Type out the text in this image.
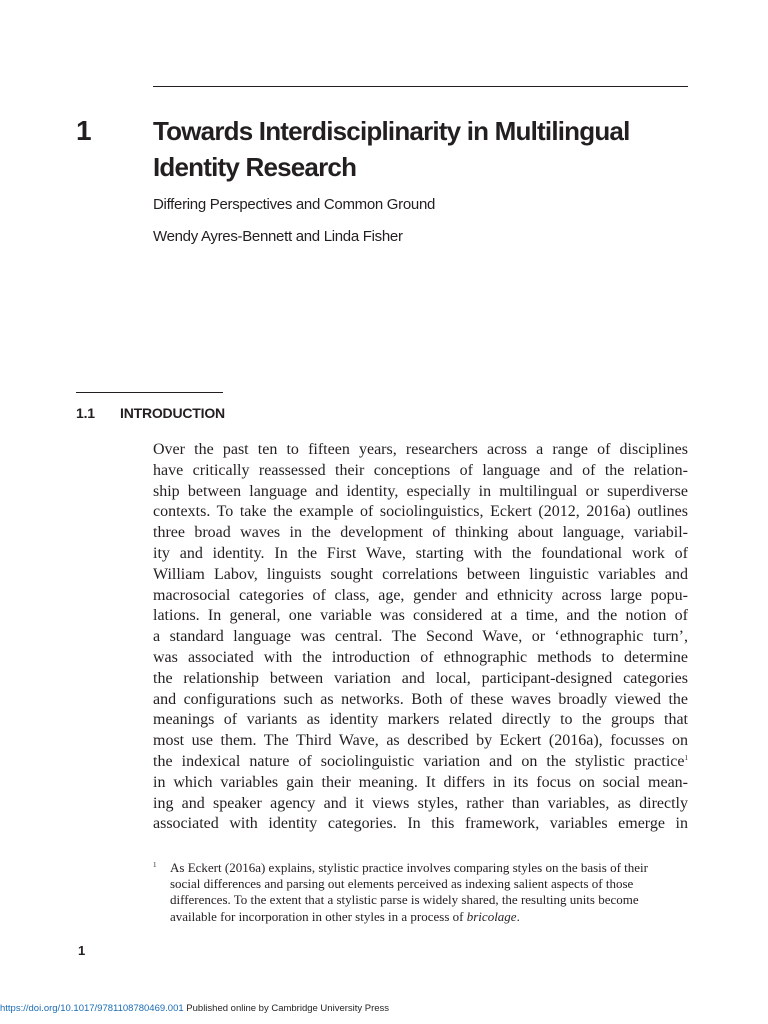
1 Towards Interdisciplinarity in Multilingual
Identity Research

Differing Perspectives and Common Ground

Wendy Ayres-Bennett and Linda Fisher

1.1 INTRODUCTION
Over the past ten to fifteen years, researchers across a range of disciplines
have critically reassessed their conceptions of language and of the relation-
ship between language and identity, especially in multilingual or superdiverse
contexts. To take the example of sociolinguistics, Eckert (2012, 2016a) outlines
three broad waves in the development of thinking about language, variabil-
ity and identity. In the First Wave, starting with the foundational work of
William Labov, linguists sought correlations between linguistic variables and
macrosocial categories of class, age, gender and ethnicity across large popu-
lations. In general, one variable was considered at a time, and the notion of
a standard language was central. The Second Wave, or ‘ethnographic turn’,
was associated with the introduction of ethnographic methods to determine
the relationship between variation and local, participant-designed categories
and configurations such as networks. Both of these waves broadly viewed the
meanings of variants as identity markers related directly to the groups that
most use them. The Third Wave, as described by Eckert (2016a), focusses on
the indexical nature of sociolinguistic variation and on the stylistic practice$^1$
in which variables gain their meaning. It differs in its focus on social mean-
ing and speaker agency and it views styles, rather than variables, as directly
associated with identity categories. In this framework, variables emerge in
1 As Eckert (2016a) explains, stylistic practice involves comparing styles on the basis of their
social differences and parsing out elements perceived as indexing salient aspects of those
differences. To the extent that a stylistic parse is widely shared, the resulting units become
available for incorporation in other styles in a process of bricolage.
1
https://doi.org/10.1017/9781108780469.001 Published online by Cambridge University Press
